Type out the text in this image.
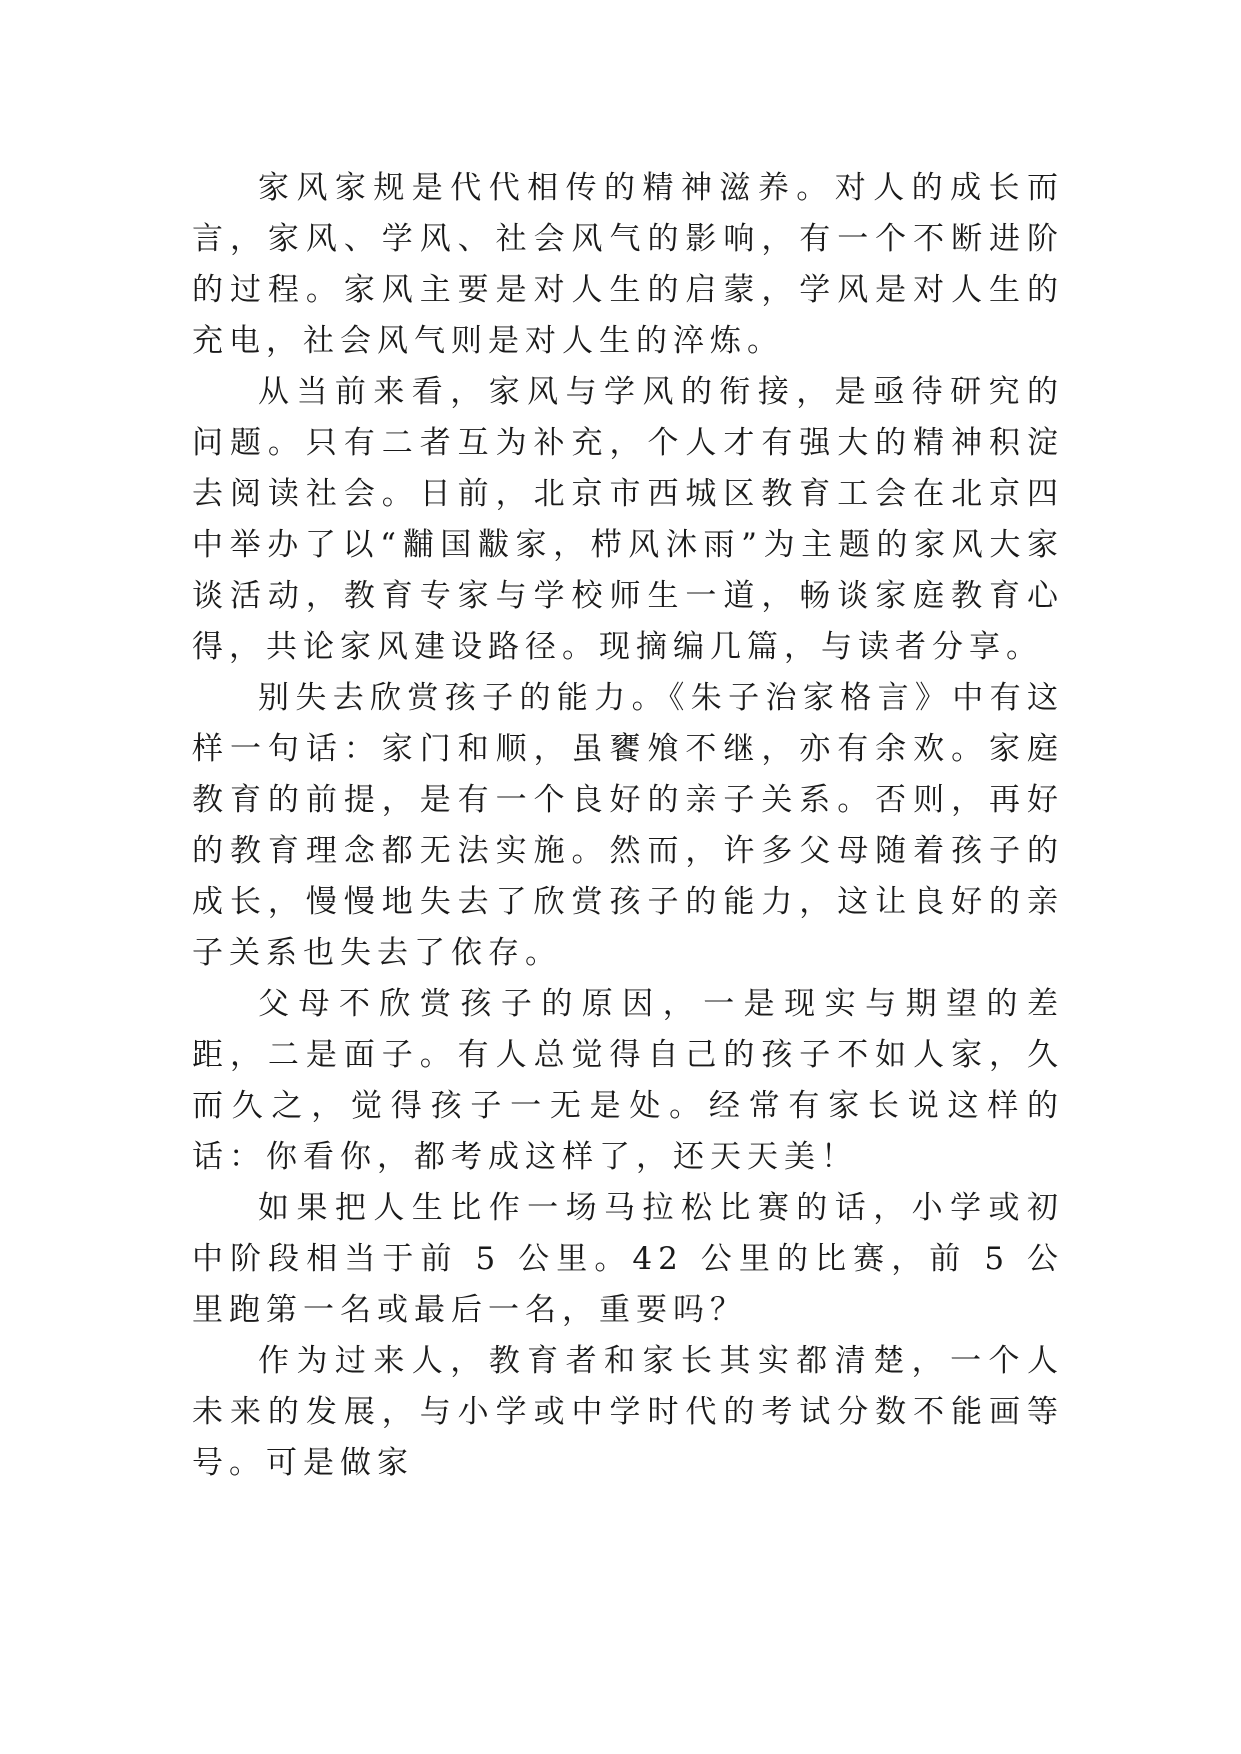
家风家规是代代相传的精神滋养。对人的成长而言，家风、学风、社会风气的影响，有一个不断进阶的过程。家风主要是对人生的启蒙，学风是对人生的充电，社会风气则是对人生的淬炼。

从当前来看，家风与学风的衔接，是亟待研究的问题。只有二者互为补充，个人才有强大的精神积淀去阅读社会。日前，北京市西城区教育工会在北京四中举办了以“黼国黻家，栉风沐雨”为主题的家风大家谈活动，教育专家与学校师生一道，畅谈家庭教育心得，共论家风建设路径。现摘编几篇，与读者分享。

别失去欣赏孩子的能力。《朱子治家格言》中有这样一句话：家门和顺，虽饔飧不继，亦有余欢。家庭教育的前提，是有一个良好的亲子关系。否则，再好的教育理念都无法实施。然而，许多父母随着孩子的成长，慢慢地失去了欣赏孩子的能力，这让良好的亲子关系也失去了依存。

父母不欣赏孩子的原因，一是现实与期望的差距，二是面子。有人总觉得自己的孩子不如人家，久而久之，觉得孩子一无是处。经常有家长说这样的话：你看你，都考成这样了，还天天美！

如果把人生比作一场马拉松比赛的话，小学或初中阶段相当于前 5 公里。42 公里的比赛，前 5 公里跑第一名或最后一名，重要吗？

作为过来人，教育者和家长其实都清楚，一个人未来的发展，与小学或中学时代的考试分数不能画等号。可是做家
